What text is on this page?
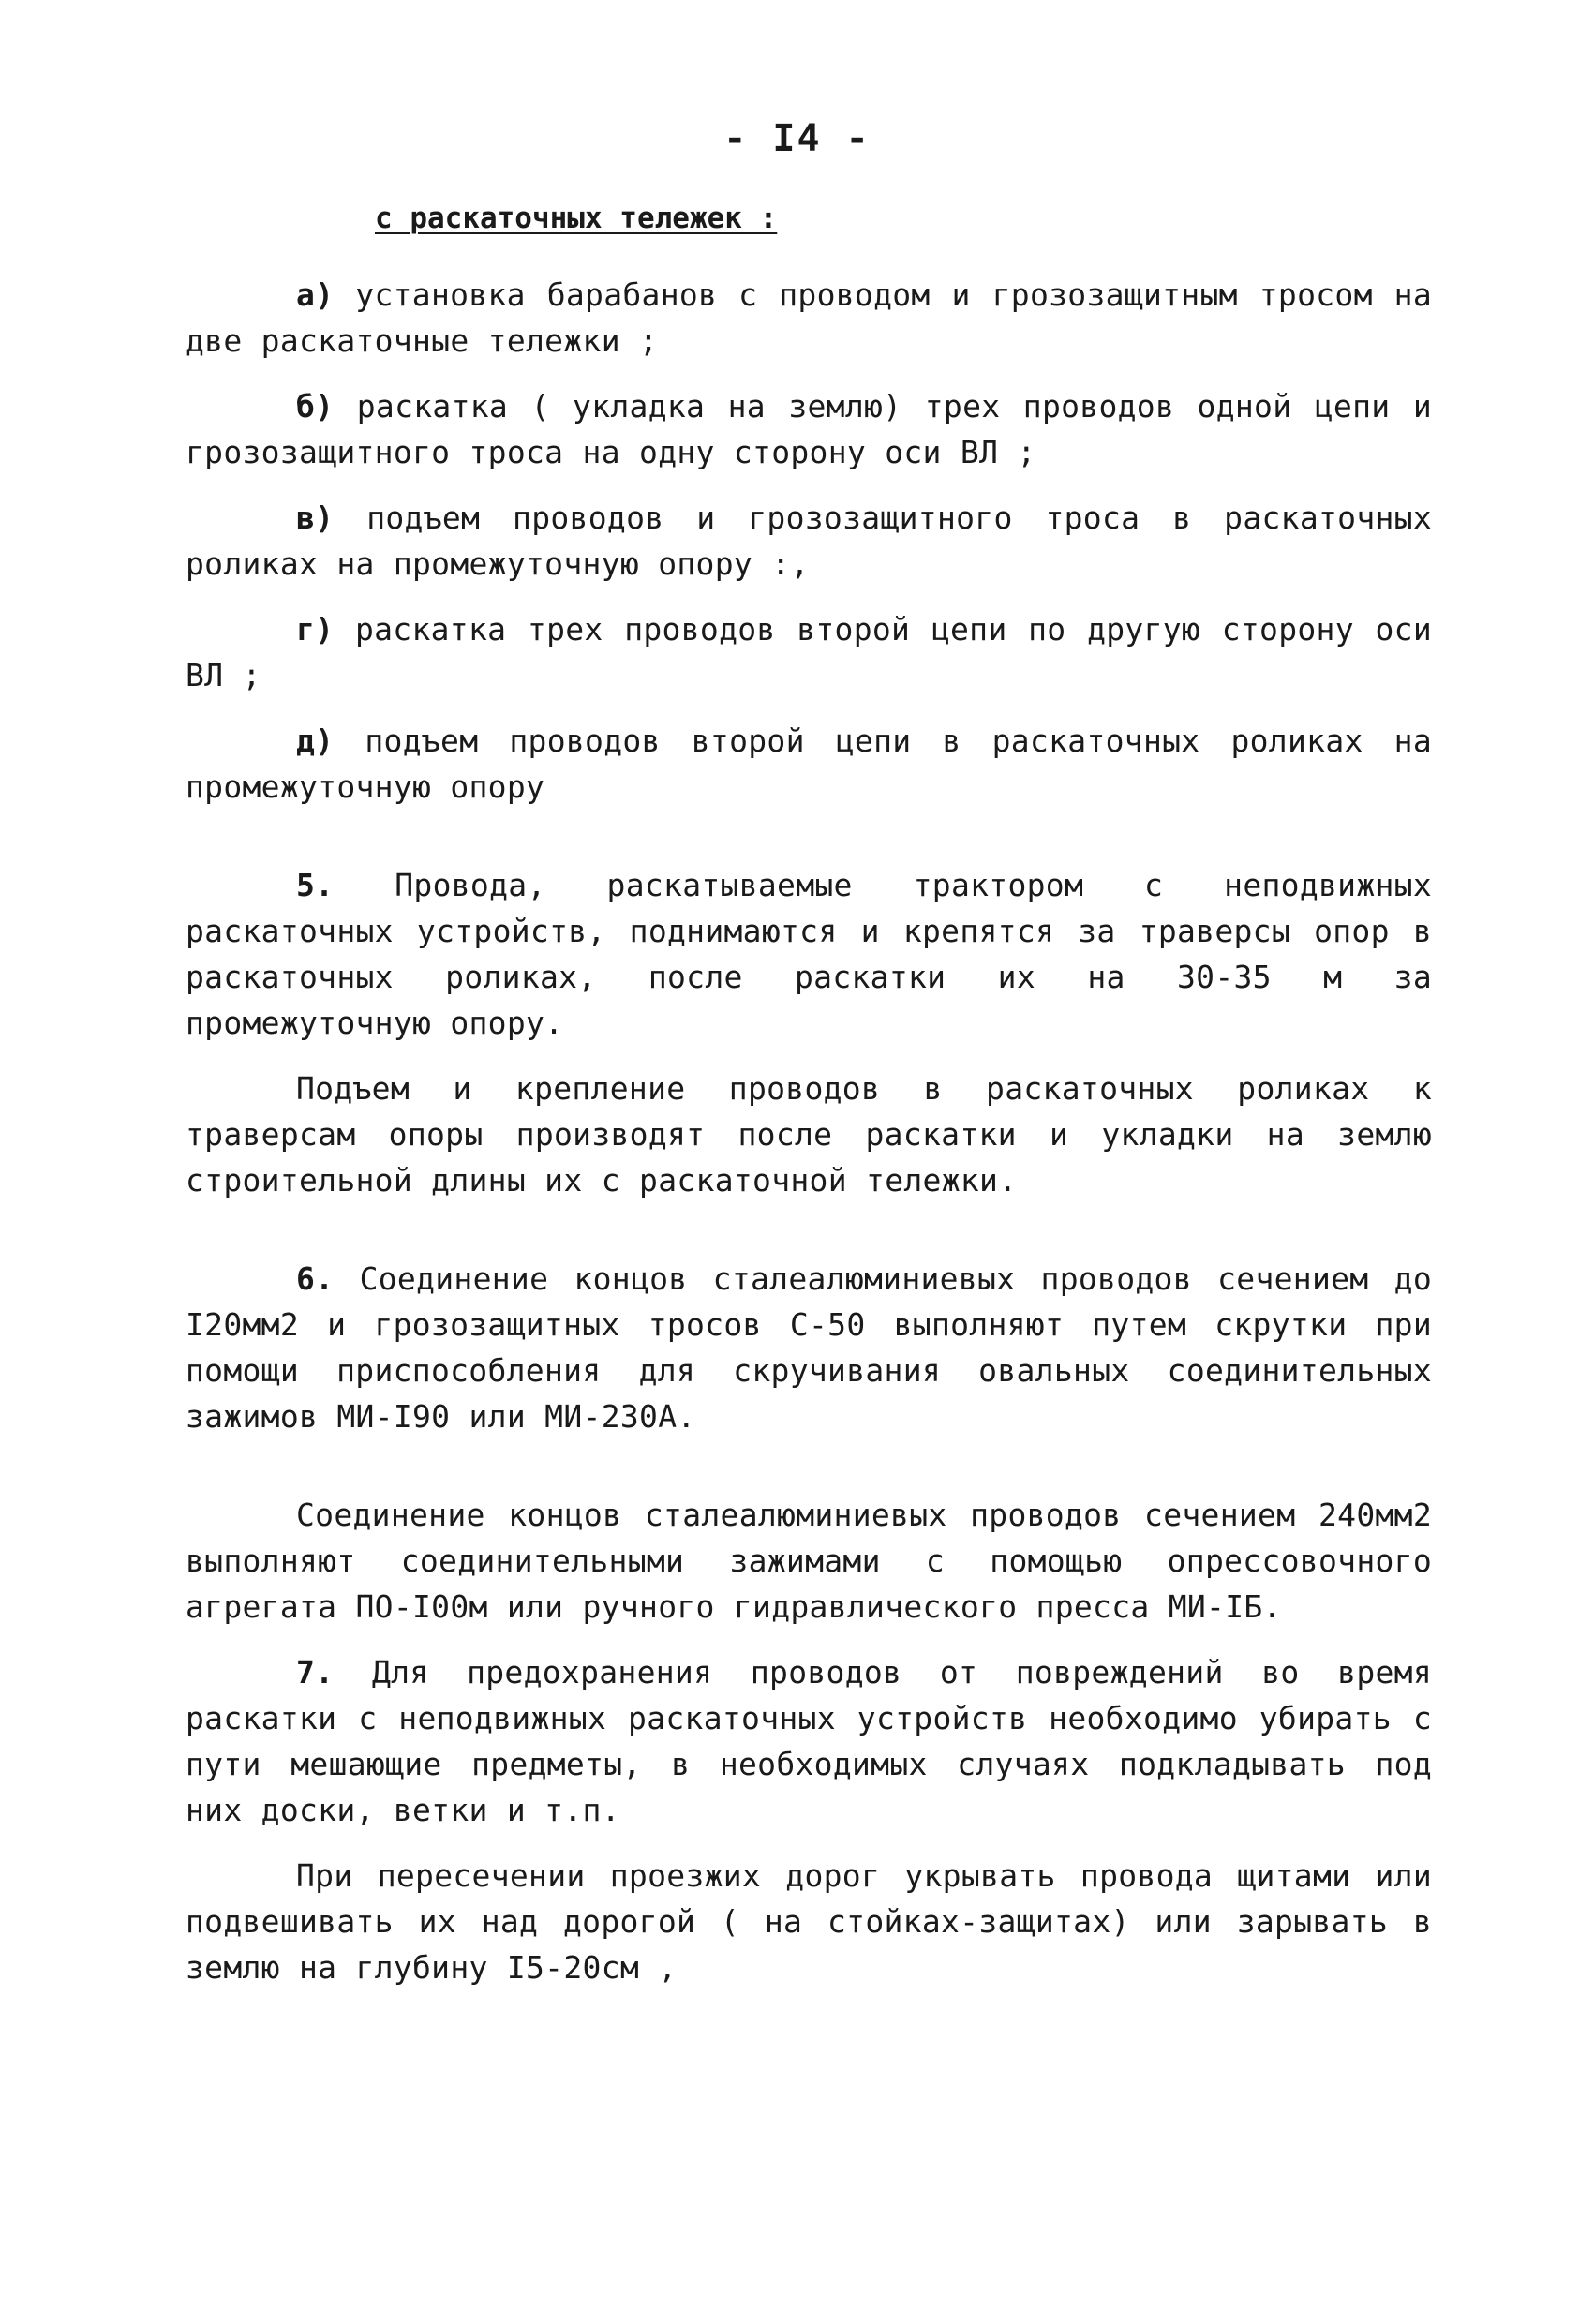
- I4 -
с раскаточных тележек :

а) установка барабанов с проводом и грозозащитным тросом на две раскаточные тележки ;

б) раскатка ( укладка на землю) трех проводов одной цепи и грозозащитного троса на одну сторону оси ВЛ ;

в) подъем проводов и грозозащитного троса в раскаточных роликах на промежуточную опору :,

г) раскатка трех проводов второй цепи по другую сторону оси ВЛ ;

д) подъем проводов второй цепи в раскаточных роликах на промежуточную опору

5. Провода, раскатываемые трактором с неподвижных раскаточных устройств, поднимаются и крепятся за траверсы опор в раскаточных роликах, после раскатки их на 30-35 м за промежуточную опору.

Подъем и крепление проводов в раскаточных роликах к траверсам опоры производят после раскатки и укладки на землю строительной длины их с раскаточной тележки.

6. Соединение концов сталеалюминиевых проводов сечением до I20мм2 и грозозащитных тросов С-50 выполняют путем скрутки при помощи приспособления для скручивания овальных соединительных зажимов МИ-I90 или МИ-230А.

Соединение концов сталеалюминиевых проводов сечением 240мм2 выполняют соединительными зажимами с помощью опрессовочного агрегата ПО-I00м или ручного гидравлического пресса МИ-IБ.

7. Для предохранения проводов от повреждений во время раскатки с неподвижных раскаточных устройств необходимо убирать с пути мешающие предметы, в необходимых случаях подкладывать под них доски, ветки и т.п.

При пересечении проезжих дорог укрывать провода щитами или подвешивать их над дорогой ( на стойках-защитах) или зарывать в землю на глубину I5-20см ,
